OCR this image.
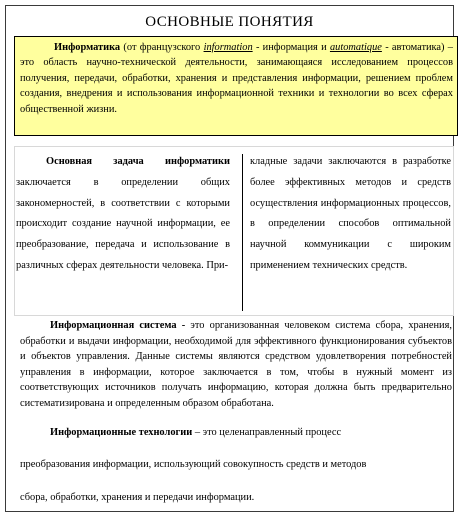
ОСНОВНЫЕ ПОНЯТИЯ
Информатика (от французского information - информация и automatique - автоматика) – это область научно-технической деятельности, занимающаяся исследованием процессов получения, передачи, обработки, хранения и представления информации, решением проблем создания, внедрения и использования информационной техники и технологии во всех сферах общественной жизни.
Основная задача информатики заключается в определении общих закономерностей, в соответствии с которыми происходит создание научной информации, ее преобразование, передача и использование в различных сферах деятельности человека. При-
кладные задачи заключаются в разработке более эффективных методов и средств осуществления информационных процессов, в определении способов оптимальной научной коммуникации с широким применением технических средств.
Информационная система - это организованная человеком система сбора, хранения, обработки и выдачи информации, необходимой для эффективного функционирования субъектов и объектов управления. Данные системы являются средством удовлетворения потребностей управления в информации, которое заключается в том, чтобы в нужный момент из соответствующих источников получать информацию, которая должна быть предварительно систематизирована и определенным образом обработана.
Информационные технологии – это целенаправленный процесс
преобразования информации, использующий совокупность средств и методов
сбора, обработки, хранения и передачи информации.
